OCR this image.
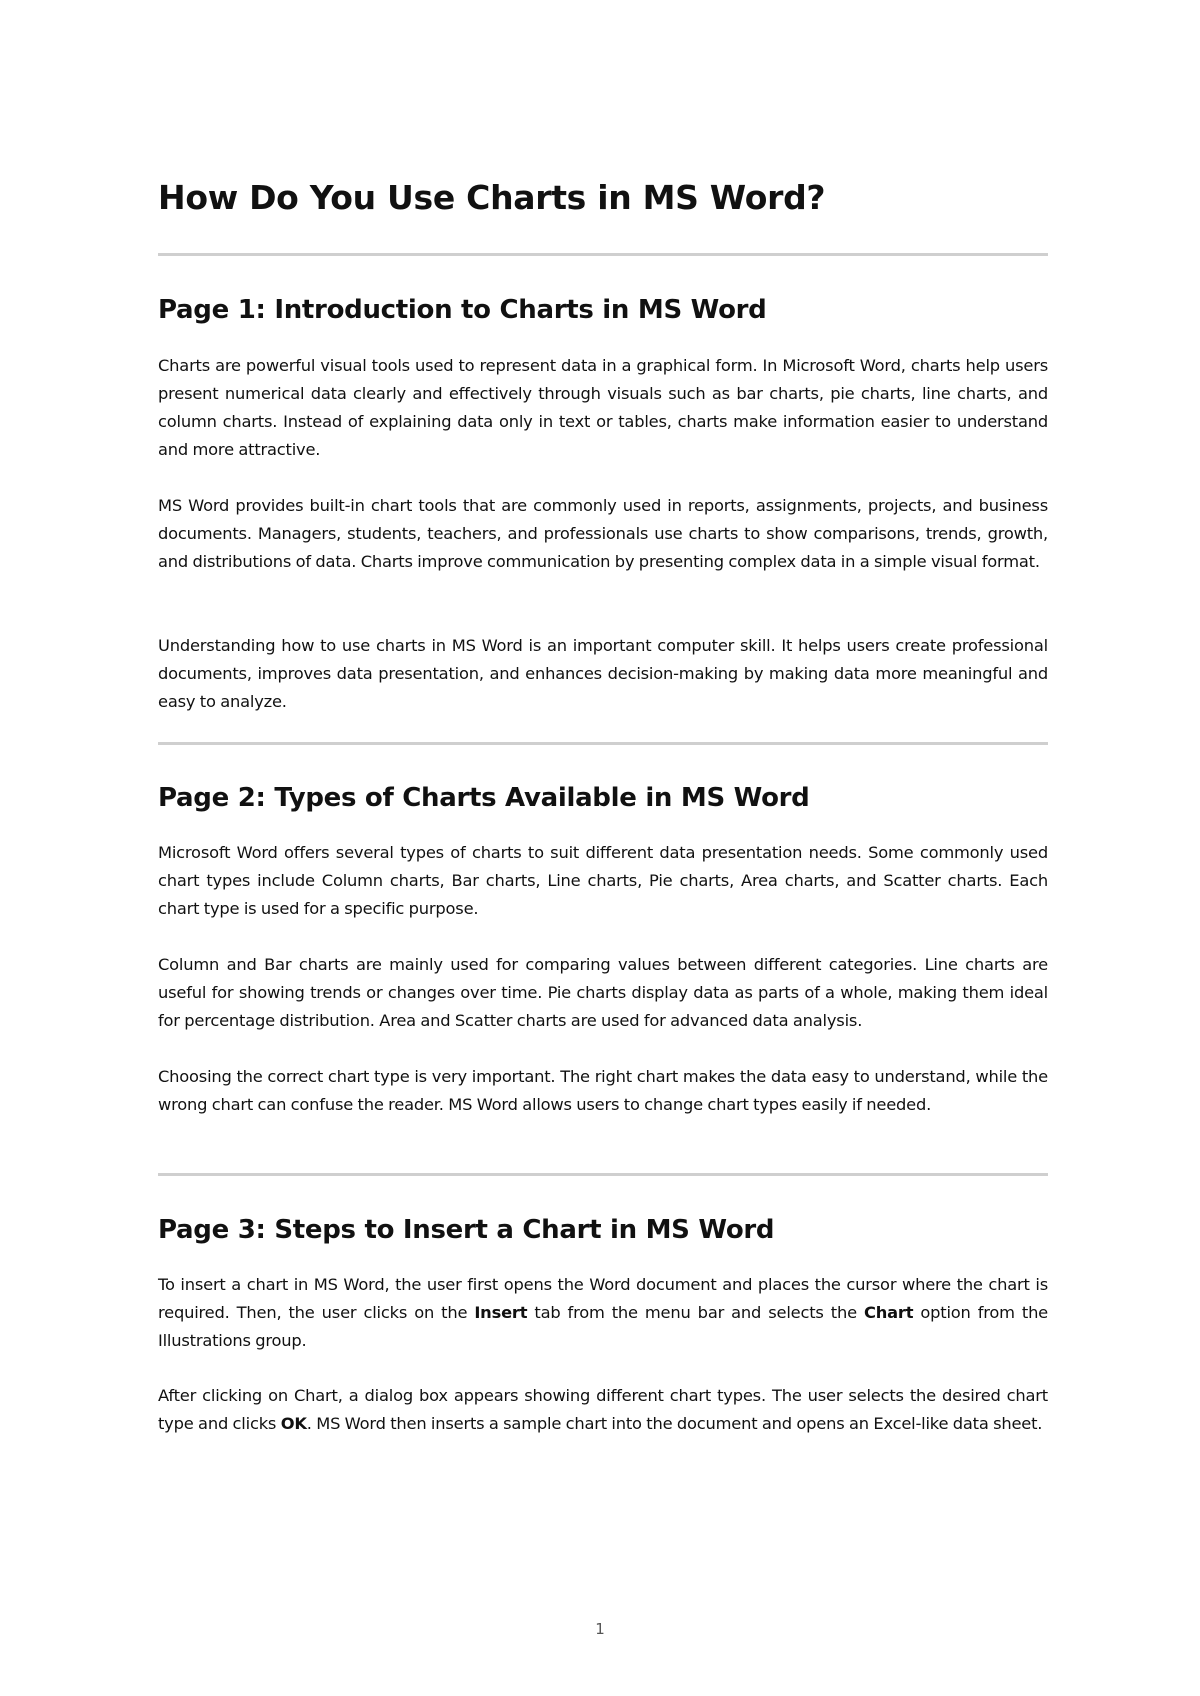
How Do You Use Charts in MS Word?
Page 1: Introduction to Charts in MS Word

Charts are powerful visual tools used to represent data in a graphical form. In Microsoft Word, charts help users present numerical data clearly and effectively through visuals such as bar charts, pie charts, line charts, and column charts. Instead of explaining data only in text or tables, charts make information easier to understand and more attractive.

MS Word provides built-in chart tools that are commonly used in reports, assignments, projects, and business documents. Managers, students, teachers, and professionals use charts to show comparisons, trends, growth, and distributions of data. Charts improve communication by presenting complex data in a simple visual format.

Understanding how to use charts in MS Word is an important computer skill. It helps users create professional documents, improves data presentation, and enhances decision-making by making data more meaningful and easy to analyze.

Page 2: Types of Charts Available in MS Word

Microsoft Word offers several types of charts to suit different data presentation needs. Some commonly used chart types include Column charts, Bar charts, Line charts, Pie charts, Area charts, and Scatter charts. Each chart type is used for a specific purpose.

Column and Bar charts are mainly used for comparing values between different categories. Line charts are useful for showing trends or changes over time. Pie charts display data as parts of a whole, making them ideal for percentage distribution. Area and Scatter charts are used for advanced data analysis.

Choosing the correct chart type is very important. The right chart makes the data easy to understand, while the wrong chart can confuse the reader. MS Word allows users to change chart types easily if needed.

Page 3: Steps to Insert a Chart in MS Word

To insert a chart in MS Word, the user first opens the Word document and places the cursor where the chart is required. Then, the user clicks on the Insert tab from the menu bar and selects the Chart option from the Illustrations group.

After clicking on Chart, a dialog box appears showing different chart types. The user selects the desired chart type and clicks OK. MS Word then inserts a sample chart into the document and opens an Excel-like data sheet.

1
